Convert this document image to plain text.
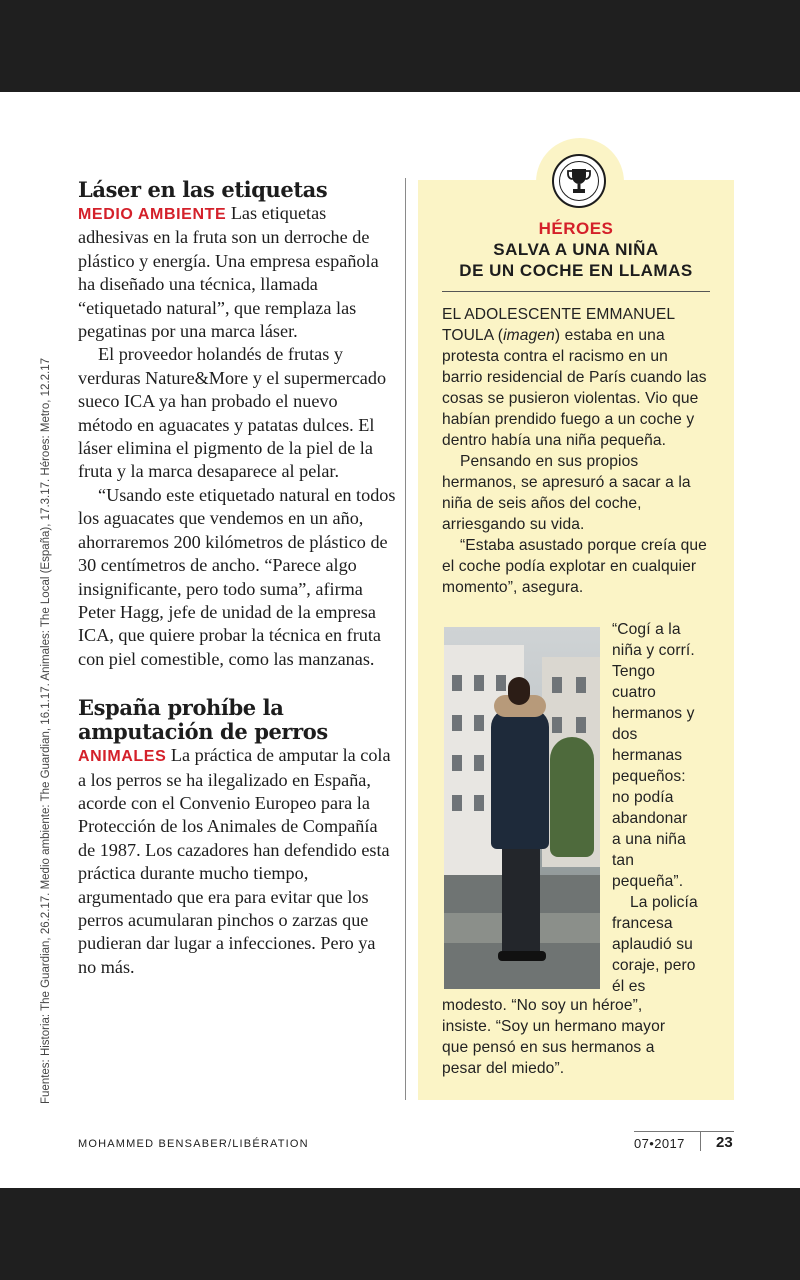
Fuentes: Historia: The Guardian, 26.2.17. Medio ambiente: The Guardian, 16.1.17. Animales: The Local (España), 17.3.17. Héroes: Metro, 12.2.17
Láser en las etiquetas

MEDIO AMBIENTE Las etiquetas adhesivas en la fruta son un derroche de plástico y energía. Una empresa española ha diseñado una técnica, llamada “etiquetado natural”, que remplaza las pegatinas por una marca láser.

El proveedor holandés de frutas y verduras Nature&More y el supermercado sueco ICA ya han probado el nuevo método en aguacates y patatas dulces. El láser elimina el pigmento de la piel de la fruta y la marca desaparece al pelar.

“Usando este etiquetado natural en todos los aguacates que vendemos en un año, ahorraremos 200 kilómetros de plástico de 30 centímetros de ancho. “Parece algo insignificante, pero todo suma”, afirma Peter Hagg, jefe de unidad de la empresa ICA, que quiere probar la técnica en fruta con piel comestible, como las manzanas.

España prohíbe la amputación de perros

ANIMALES La práctica de amputar la cola a los perros se ha ilegalizado en España, acorde con el Convenio Europeo para la Protección de los Animales de Compañía de 1987. Los cazadores han defendido esta práctica durante mucho tiempo, argumentado que era para evitar que los perros acumularan pinchos o zarzas que pudieran dar lugar a infecciones. Pero ya no más.

HÉROES
SALVA A UNA NIÑA
DE UN COCHE EN LLAMAS

EL ADOLESCENTE EMMANUEL TOULA (imagen) estaba en una protesta contra el racismo en un barrio residencial de París cuando las cosas se pusieron violentas. Vio que habían prendido fuego a un coche y dentro había una niña pequeña.

Pensando en sus propios hermanos, se apresuró a sacar a la niña de seis años del coche, arriesgando su vida.

“Estaba asustado porque creía que el coche podía explotar en cualquier momento”, asegura.

“Cogí a la
niña y corrí.
Tengo
cuatro
hermanos y
dos
hermanas
pequeños:
no podía
abandonar
a una niña
tan
pequeña”.
La policía
francesa
aplaudió su
coraje, pero
él es
modesto. “No soy un héroe”,
insiste. “Soy un hermano mayor
que pensó en sus hermanos a
pesar del miedo”.
MOHAMMED BENSABER/LIBÉRATION	07•2017 23
